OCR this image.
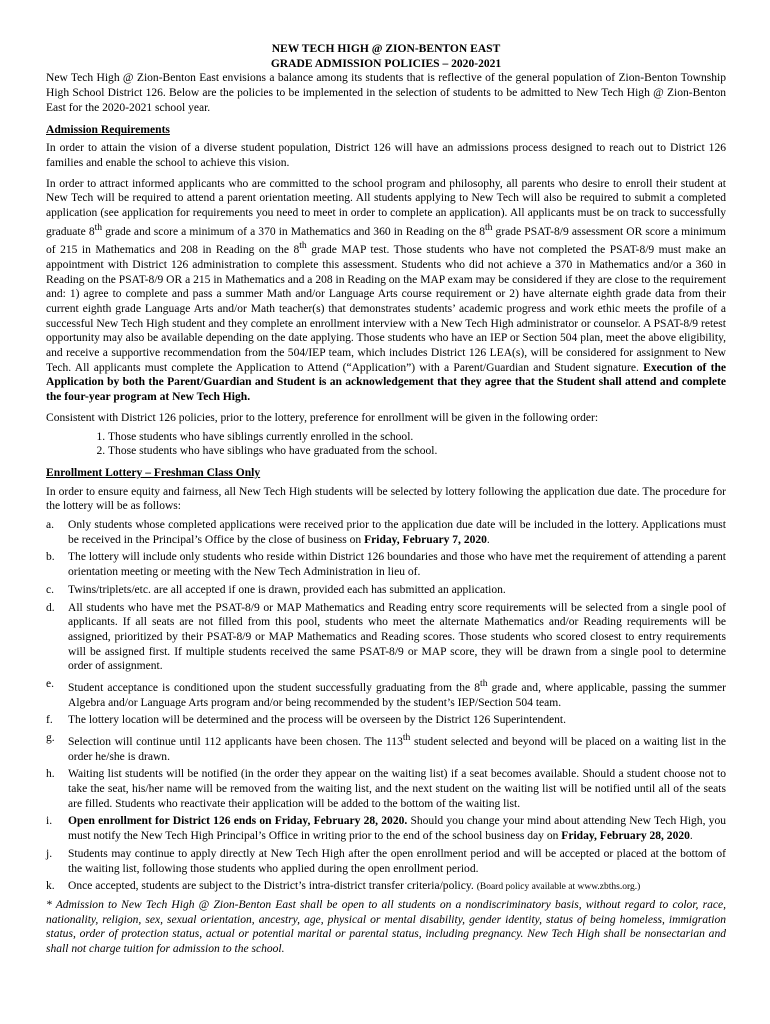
NEW TECH HIGH @ ZION-BENTON EAST
GRADE ADMISSION POLICIES – 2020-2021

New Tech High @ Zion-Benton East envisions a balance among its students that is reflective of the general population of Zion-Benton Township High School District 126. Below are the policies to be implemented in the selection of students to be admitted to New Tech High @ Zion-Benton East for the 2020-2021 school year.

Admission Requirements

In order to attain the vision of a diverse student population, District 126 will have an admissions process designed to reach out to District 126 families and enable the school to achieve this vision.

In order to attract informed applicants who are committed to the school program and philosophy, all parents who desire to enroll their student at New Tech will be required to attend a parent orientation meeting. All students applying to New Tech will also be required to submit a completed application (see application for requirements you need to meet in order to complete an application). All applicants must be on track to successfully graduate 8th grade and score a minimum of a 370 in Mathematics and 360 in Reading on the 8th grade PSAT-8/9 assessment OR score a minimum of 215 in Mathematics and 208 in Reading on the 8th grade MAP test. Those students who have not completed the PSAT-8/9 must make an appointment with District 126 administration to complete this assessment. Students who did not achieve a 370 in Mathematics and/or a 360 in Reading on the PSAT-8/9 OR a 215 in Mathematics and a 208 in Reading on the MAP exam may be considered if they are close to the requirement and: 1) agree to complete and pass a summer Math and/or Language Arts course requirement or 2) have alternate eighth grade data from their current eighth grade Language Arts and/or Math teacher(s) that demonstrates students’ academic progress and work ethic meets the profile of a successful New Tech High student and they complete an enrollment interview with a New Tech High administrator or counselor. A PSAT-8/9 retest opportunity may also be available depending on the date applying. Those students who have an IEP or Section 504 plan, meet the above eligibility, and receive a supportive recommendation from the 504/IEP team, which includes District 126 LEA(s), will be considered for assignment to New Tech. All applicants must complete the Application to Attend (“Application”) with a Parent/Guardian and Student signature. Execution of the Application by both the Parent/Guardian and Student is an acknowledgement that they agree that the Student shall attend and complete the four-year program at New Tech High.

Consistent with District 126 policies, prior to the lottery, preference for enrollment will be given in the following order:

1. Those students who have siblings currently enrolled in the school.
2. Those students who have siblings who have graduated from the school.
Enrollment Lottery – Freshman Class Only

In order to ensure equity and fairness, all New Tech High students will be selected by lottery following the application due date. The procedure for the lottery will be as follows:

a.	Only students whose completed applications were received prior to the application due date will be included in the lottery. Applications must be received in the Principal’s Office by the close of business on Friday, February 7, 2020.
b.	The lottery will include only students who reside within District 126 boundaries and those who have met the requirement of attending a parent orientation meeting or meeting with the New Tech Administration in lieu of.
c.	Twins/triplets/etc. are all accepted if one is drawn, provided each has submitted an application.
d.	All students who have met the PSAT-8/9 or MAP Mathematics and Reading entry score requirements will be selected from a single pool of applicants. If all seats are not filled from this pool, students who meet the alternate Mathematics and/or Reading requirements will be assigned, prioritized by their PSAT-8/9 or MAP Mathematics and Reading scores. Those students who scored closest to entry requirements will be assigned first. If multiple students received the same PSAT-8/9 or MAP score, they will be drawn from a single pool to determine order of assignment.
e.	Student acceptance is conditioned upon the student successfully graduating from the 8th grade and, where applicable, passing the summer Algebra and/or Language Arts program and/or being recommended by the student’s IEP/Section 504 team.
f.	The lottery location will be determined and the process will be overseen by the District 126 Superintendent.
g.	Selection will continue until 112 applicants have been chosen. The 113th student selected and beyond will be placed on a waiting list in the order he/she is drawn.
h.	Waiting list students will be notified (in the order they appear on the waiting list) if a seat becomes available. Should a student choose not to take the seat, his/her name will be removed from the waiting list, and the next student on the waiting list will be notified until all of the seats are filled. Students who reactivate their application will be added to the bottom of the waiting list.
i.	Open enrollment for District 126 ends on Friday, February 28, 2020. Should you change your mind about attending New Tech High, you must notify the New Tech High Principal’s Office in writing prior to the end of the school business day on Friday, February 28, 2020.
j.	Students may continue to apply directly at New Tech High after the open enrollment period and will be accepted or placed at the bottom of the waiting list, following those students who applied during the open enrollment period.
k.	Once accepted, students are subject to the District’s intra-district transfer criteria/policy. (Board policy available at www.zbths.org.)

* Admission to New Tech High @ Zion-Benton East shall be open to all students on a nondiscriminatory basis, without regard to color, race, nationality, religion, sex, sexual orientation, ancestry, age, physical or mental disability, gender identity, status of being homeless, immigration status, order of protection status, actual or potential marital or parental status, including pregnancy. New Tech High shall be nonsectarian and shall not charge tuition for admission to the school.
